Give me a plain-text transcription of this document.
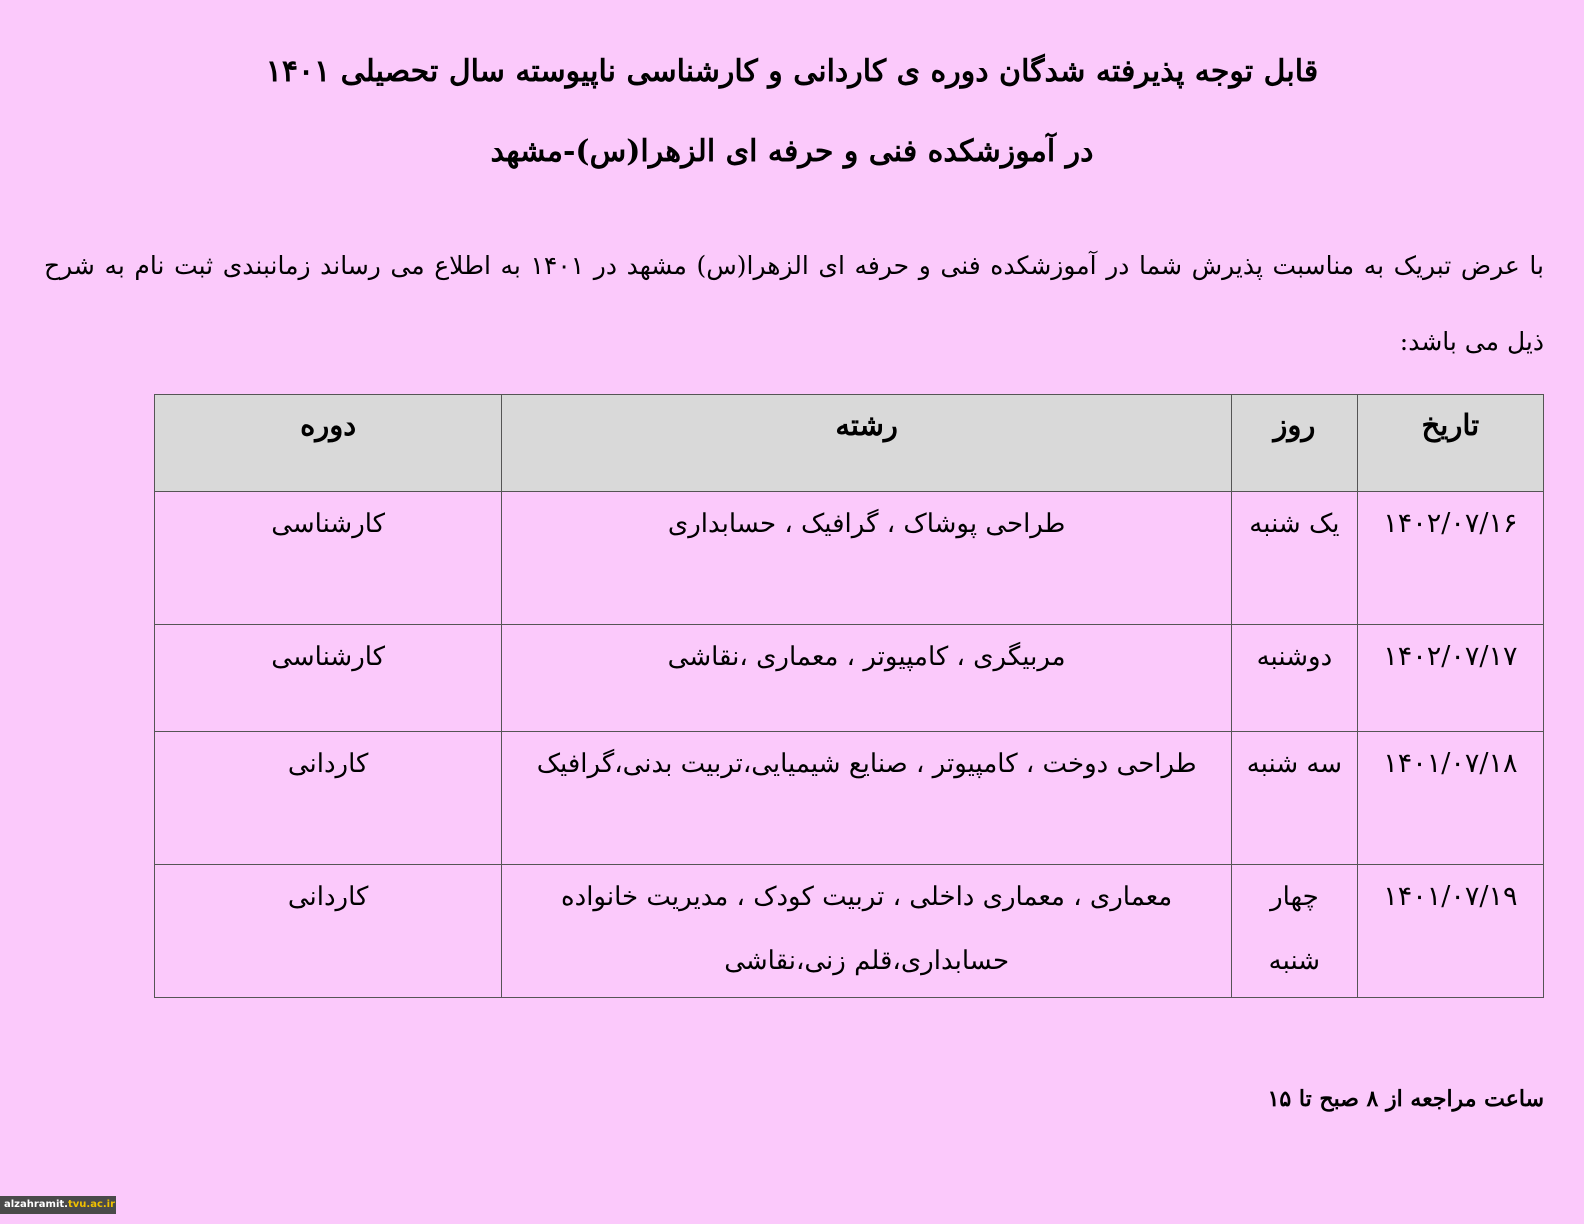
قابل توجه پذیرفته شدگان دوره ی کاردانی و کارشناسی ناپیوسته سال تحصیلی ۱۴۰۱
در آموزشکده فنی و حرفه ای الزهرا(س)-مشهد
با عرض تبریک به مناسبت پذیرش شما در آموزشکده فنی و حرفه ای الزهرا(س) مشهد در ۱۴۰۱ به اطلاع می رساند زمانبندی ثبت نام به شرح ذیل می باشد:
تاریخ	روز	رشته	دوره
۱۴۰۲/۰۷/۱۶	یک شنبه	طراحی پوشاک ، گرافیک ، حسابداری	کارشناسی
۱۴۰۲/۰۷/۱۷	دوشنبه	مربیگری ، کامپیوتر ، معماری ،نقاشی	کارشناسی
۱۴۰۱/۰۷/۱۸	سه شنبه	طراحی دوخت ، کامپیوتر ، صنایع شیمیایی،تربیت بدنی،گرافیک	کاردانی
۱۴۰۱/۰۷/۱۹	چهار شنبه	معماری ، معماری داخلی ، تربیت کودک ، مدیریت خانواده حسابداری،قلم زنی،نقاشی	کاردانی
ساعت مراجعه از ۸ صبح تا ۱۵
alzahramit.tvu.ac.ir
